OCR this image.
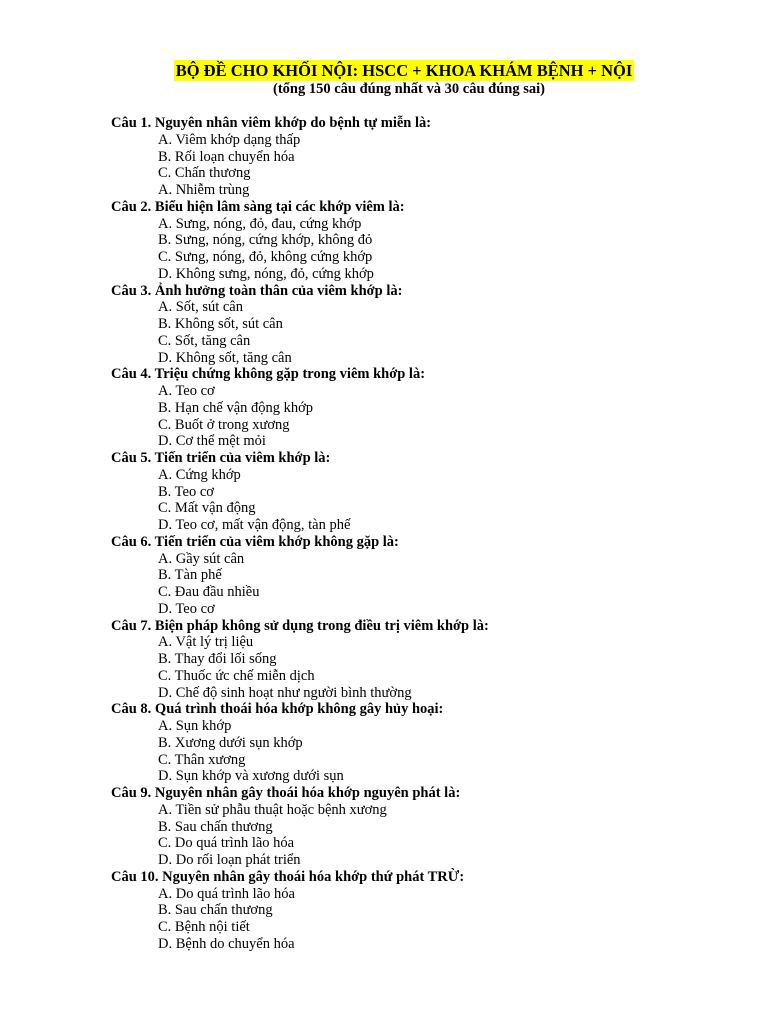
BỘ ĐỀ CHO KHỐI NỘI: HSCC + KHOA KHÁM BỆNH + NỘI
(tổng 150 câu đúng nhất và 30 câu đúng sai)
Câu 1. Nguyên nhân viêm khớp do bệnh tự miễn là:
A. Viêm khớp dạng thấp
B. Rối loạn chuyển hóa
C. Chấn thương
A. Nhiễm trùng
Câu 2. Biểu hiện lâm sàng tại các khớp viêm là:
A. Sưng, nóng, đỏ, đau, cứng khớp
B. Sưng, nóng, cứng khớp, không đỏ
C. Sưng, nóng, đỏ, không cứng khớp
D. Không sưng, nóng, đỏ, cứng khớp
Câu 3. Ảnh hưởng toàn thân của viêm khớp là:
A. Sốt, sút cân
B. Không sốt, sút cân
C. Sốt, tăng cân
D. Không sốt, tăng cân
Câu 4. Triệu chứng không gặp trong viêm khớp là:
A. Teo cơ
B. Hạn chế vận động khớp
C. Buốt ở trong xương
D. Cơ thể mệt mỏi
Câu 5. Tiến triển của viêm khớp là:
A. Cứng khớp
B. Teo cơ
C. Mất vận động
D. Teo cơ, mất vận động, tàn phế
Câu 6. Tiến triển của viêm khớp không gặp là:
A. Gầy sút cân
B. Tàn phế
C. Đau đầu nhiều
D. Teo cơ
Câu 7. Biện pháp không sử dụng trong điều trị viêm khớp là:
A. Vật lý trị liệu
B. Thay đổi lối sống
C. Thuốc ức chế miễn dịch
D. Chế độ sinh hoạt như người bình thường
Câu 8. Quá trình thoái hóa khớp không gây hủy hoại:
A. Sụn khớp
B. Xương dưới sụn khớp
C. Thân xương
D. Sụn khớp và xương dưới sụn
Câu 9. Nguyên nhân gây thoái hóa khớp nguyên phát là:
A. Tiền sử phẫu thuật hoặc bệnh xương
B. Sau chấn thương
C. Do quá trình lão hóa
D. Do rối loạn phát triển
Câu 10. Nguyên nhân gây thoái hóa khớp thứ phát TRỪ:
A. Do quá trình lão hóa
B. Sau chấn thương
C. Bệnh nội tiết
D. Bệnh do chuyển hóa
